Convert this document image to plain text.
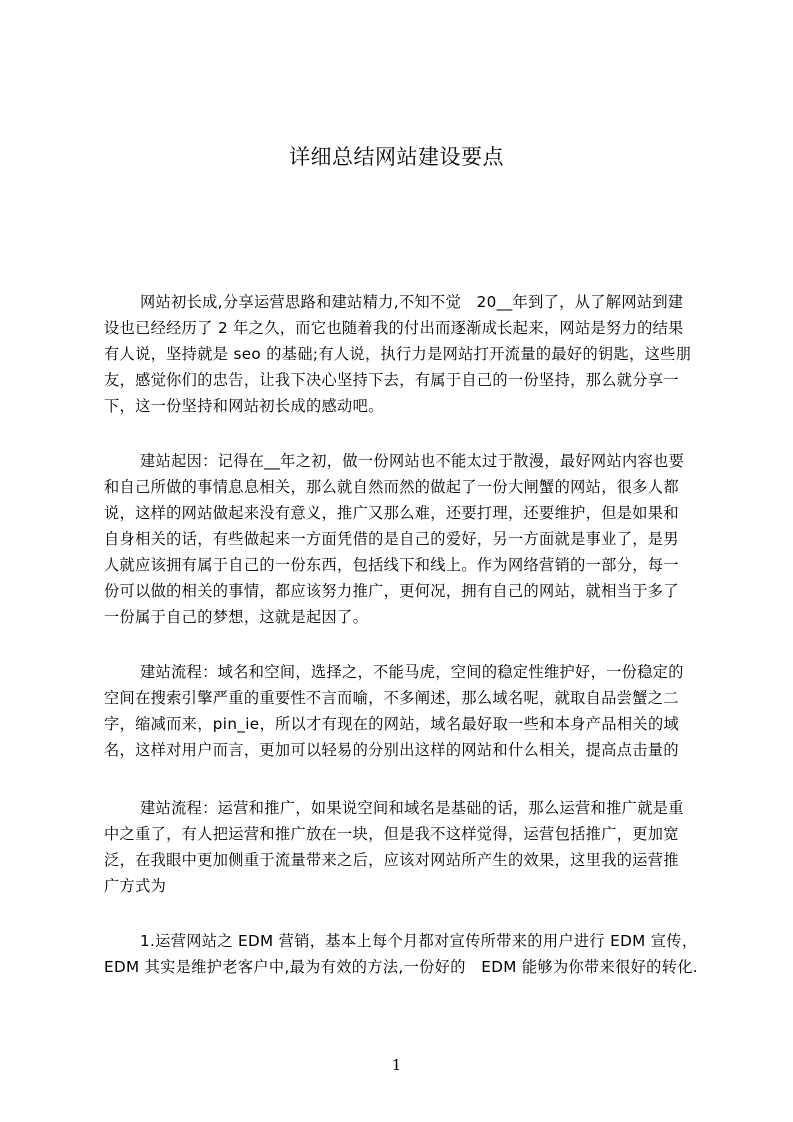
详细总结网站建设要点
网站初长成,分享运营思路和建站精力,不知不觉　20__年到了，从了解网站到建
设也已经经历了 2 年之久，而它也随着我的付出而逐渐成长起来，网站是努力的结果
有人说，坚持就是 seo 的基础;有人说，执行力是网站打开流量的最好的钥匙，这些朋
友，感觉你们的忠告，让我下决心坚持下去，有属于自己的一份坚持，那么就分享一
下，这一份坚持和网站初长成的感动吧。
建站起因：记得在__年之初，做一份网站也不能太过于散漫，最好网站内容也要
和自己所做的事情息息相关，那么就自然而然的做起了一份大闸蟹的网站，很多人都
说，这样的网站做起来没有意义，推广又那么难，还要打理，还要维护，但是如果和
自身相关的话，有些做起来一方面凭借的是自己的爱好，另一方面就是事业了，是男
人就应该拥有属于自己的一份东西，包括线下和线上。作为网络营销的一部分，每一
份可以做的相关的事情，都应该努力推广，更何况，拥有自己的网站，就相当于多了
一份属于自己的梦想，这就是起因了。
建站流程：域名和空间，选择之，不能马虎，空间的稳定性维护好，一份稳定的
空间在搜索引擎严重的重要性不言而喻，不多阐述，那么域名呢，就取自品尝蟹之二
字，缩减而来，pin_ie，所以才有现在的网站，域名最好取一些和本身产品相关的域
名，这样对用户而言，更加可以轻易的分别出这样的网站和什么相关，提高点击量的
建站流程：运营和推广，如果说空间和域名是基础的话，那么运营和推广就是重
中之重了，有人把运营和推广放在一块，但是我不这样觉得，运营包括推广，更加宽
泛，在我眼中更加侧重于流量带来之后，应该对网站所产生的效果，这里我的运营推
广方式为
1.运营网站之 EDM 营销，基本上每个月都对宣传所带来的用户进行 EDM 宣传，
EDM 其实是维护老客户中,最为有效的方法,一份好的　EDM 能够为你带来很好的转化.
1
